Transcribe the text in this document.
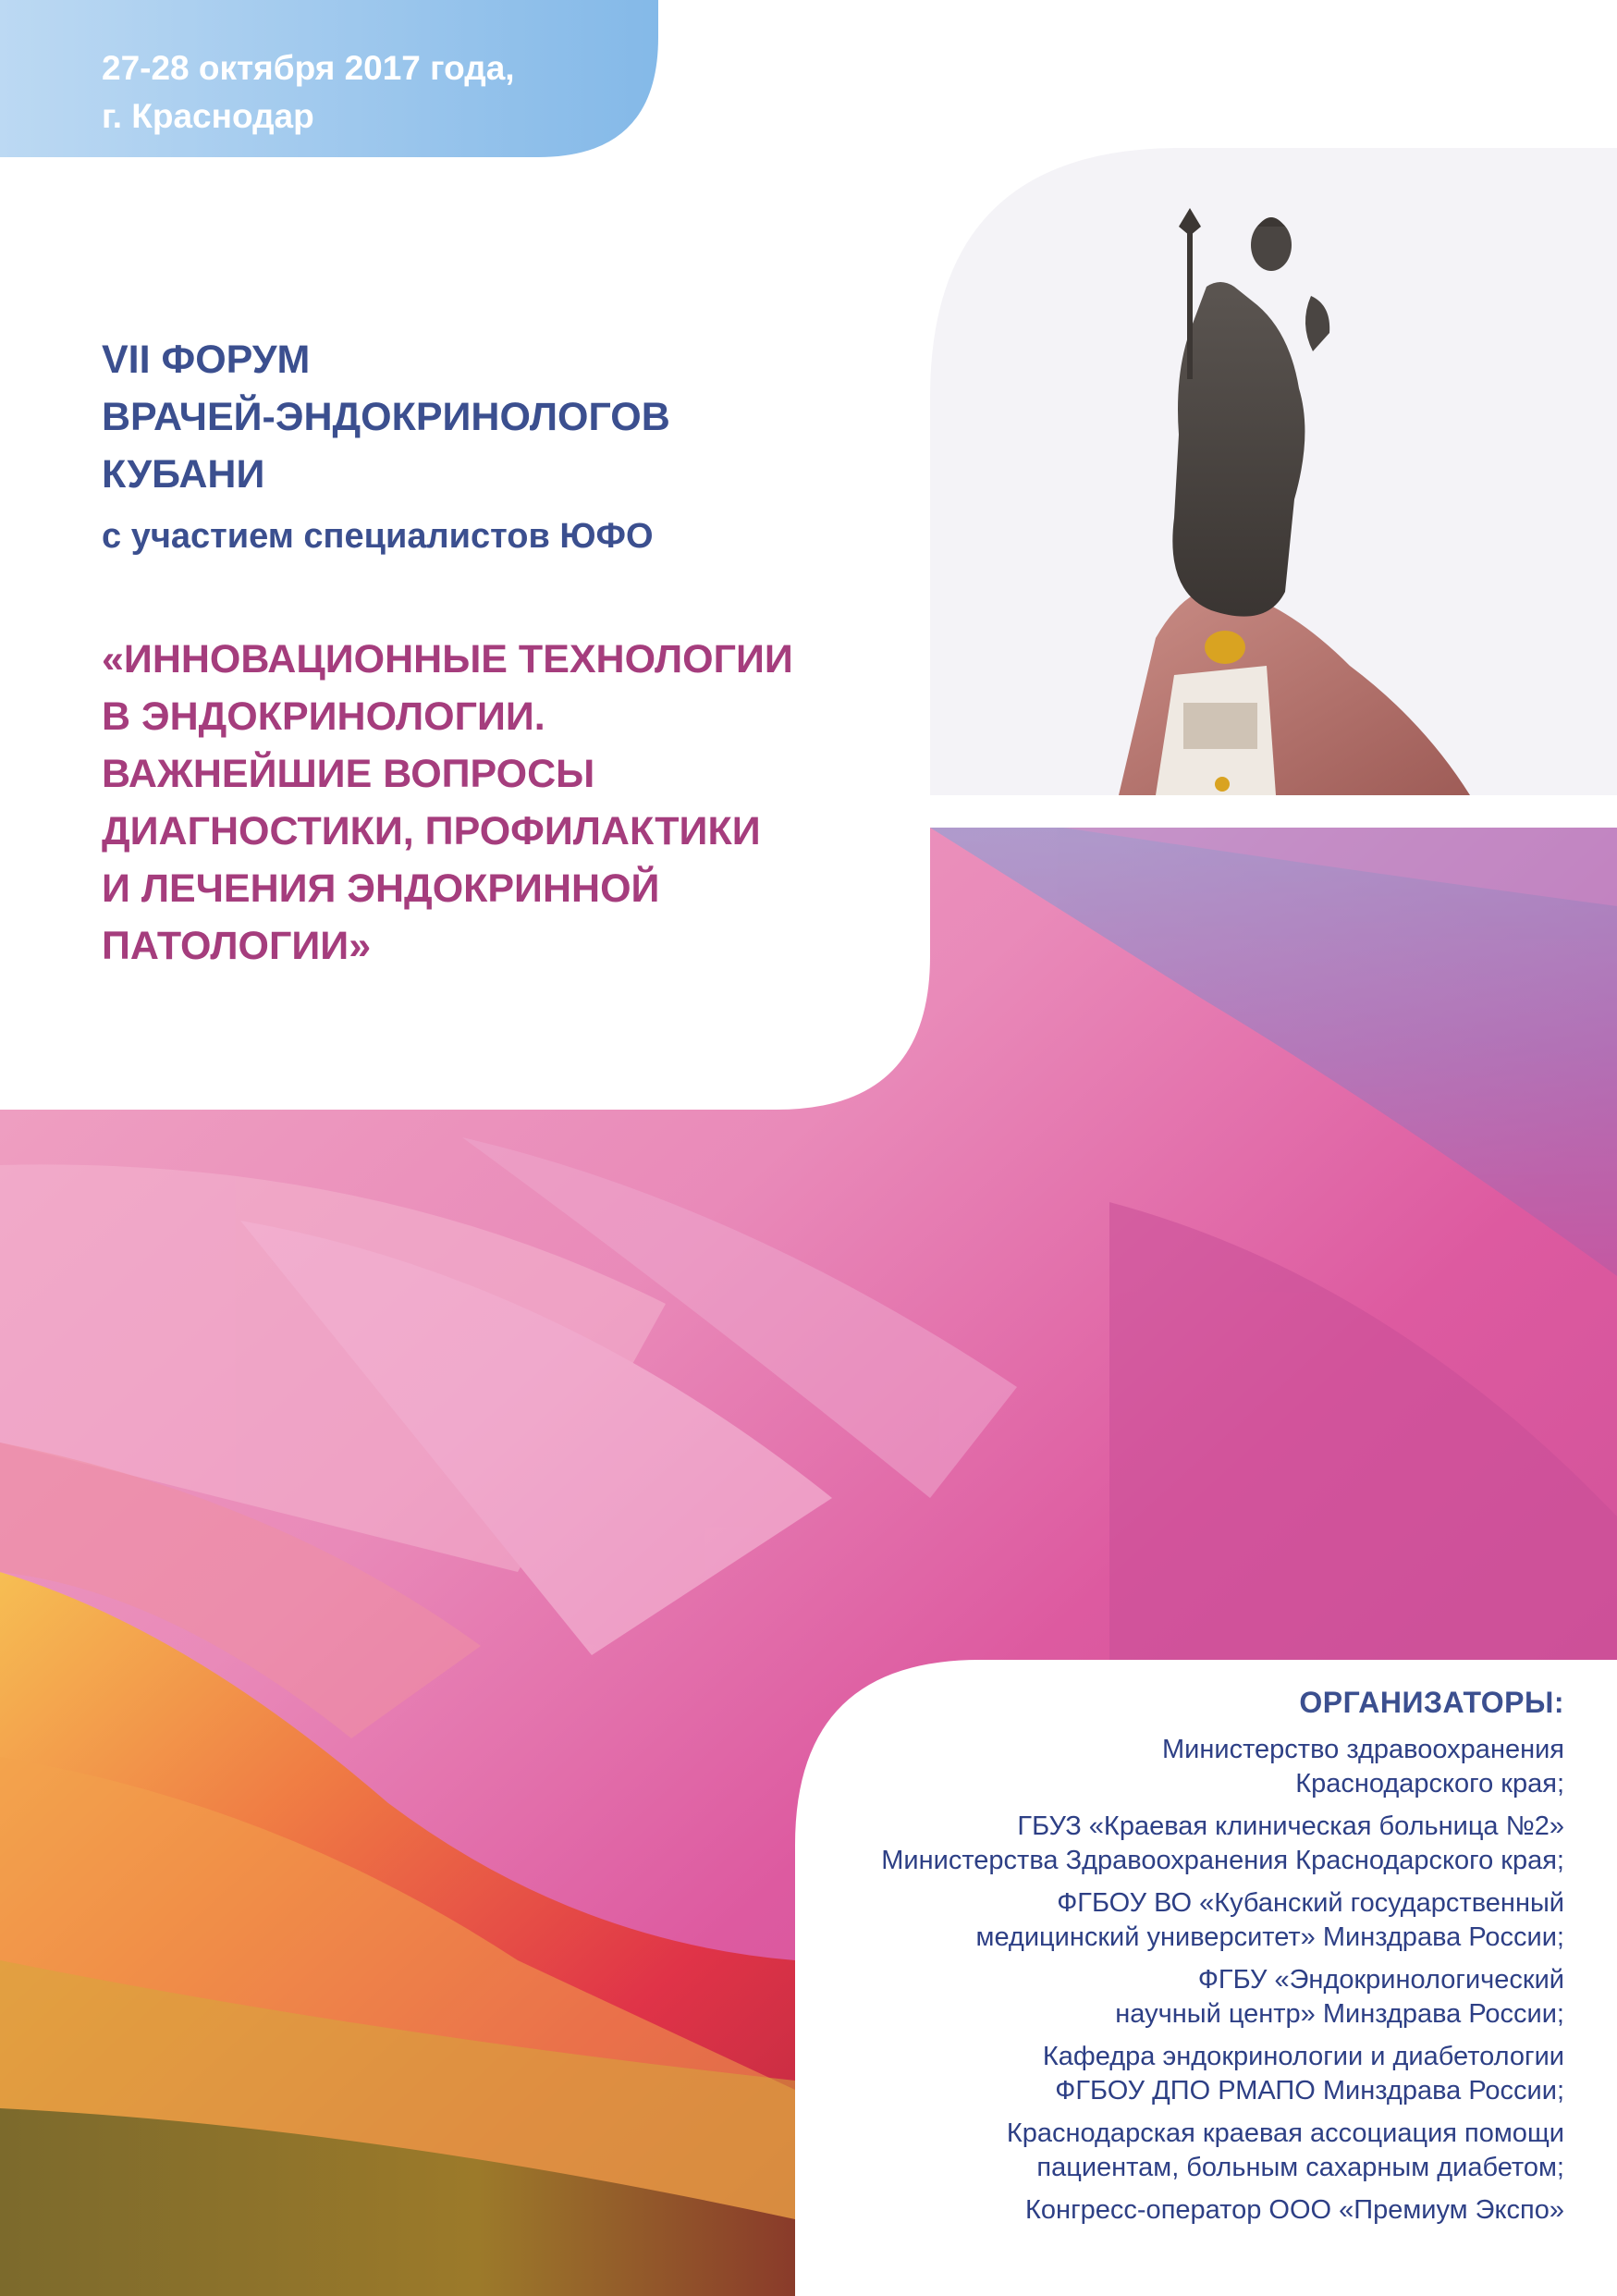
27-28 октября 2017 года,
г. Краснодар
VII ФОРУМ
ВРАЧЕЙ-ЭНДОКРИНОЛОГОВ
КУБАНИ

с участием специалистов ЮФО

«ИННОВАЦИОННЫЕ ТЕХНОЛОГИИ
В ЭНДОКРИНОЛОГИИ.
ВАЖНЕЙШИЕ ВОПРОСЫ
ДИАГНОСТИКИ, ПРОФИЛАКТИКИ
И ЛЕЧЕНИЯ ЭНДОКРИННОЙ
ПАТОЛОГИИ»
ОРГАНИЗАТОРЫ:
Министерство здравоохранения
Краснодарского края;
ГБУЗ «Краевая клиническая больница №2»
Министерства Здравоохранения Краснодарского края;
ФГБОУ ВО «Кубанский государственный
медицинский университет» Минздрава России;
ФГБУ «Эндокринологический
научный центр» Минздрава России;
Кафедра эндокринологии и диабетологии
ФГБОУ ДПО РМАПО Минздрава России;
Краснодарская краевая ассоциация помощи
пациентам, больным сахарным диабетом;
Конгресс-оператор ООО «Премиум Экспо»
